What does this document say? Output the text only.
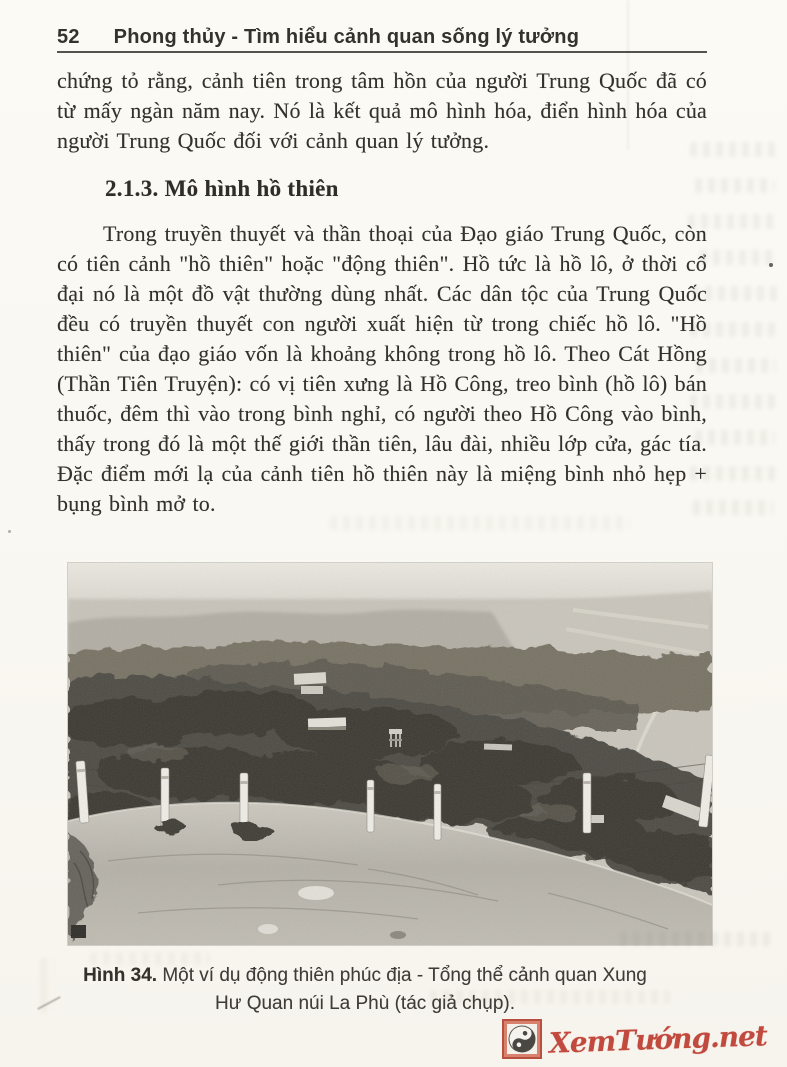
52 Phong thủy - Tìm hiểu cảnh quan sống lý tưởng
chứng tỏ rằng, cảnh tiên trong tâm hồn của người Trung Quốc đã có từ mấy ngàn năm nay. Nó là kết quả mô hình hóa, điển hình hóa của người Trung Quốc đối với cảnh quan lý tưởng.
2.1.3. Mô hình hồ thiên
Trong truyền thuyết và thần thoại của Đạo giáo Trung Quốc, còn có tiên cảnh "hồ thiên" hoặc "động thiên". Hồ tức là hồ lô, ở thời cổ đại nó là một đồ vật thường dùng nhất. Các dân tộc của Trung Quốc đều có truyền thuyết con người xuất hiện từ trong chiếc hồ lô. "Hồ thiên" của đạo giáo vốn là khoảng không trong hồ lô. Theo Cát Hồng (Thần Tiên Truyện): có vị tiên xưng là Hồ Công, treo bình (hồ lô) bán thuốc, đêm thì vào trong bình nghỉ, có người theo Hồ Công vào bình, thấy trong đó là một thế giới thần tiên, lâu đài, nhiều lớp cửa, gác tía. Đặc điểm mới lạ của cảnh tiên hồ thiên này là miệng bình nhỏ hẹp + bụng bình mở to.
Hình 34. Một ví dụ động thiên phúc địa - Tổng thể cảnh quan Xung
Hư Quan núi La Phù (tác giả chụp).
XemTướng.net
